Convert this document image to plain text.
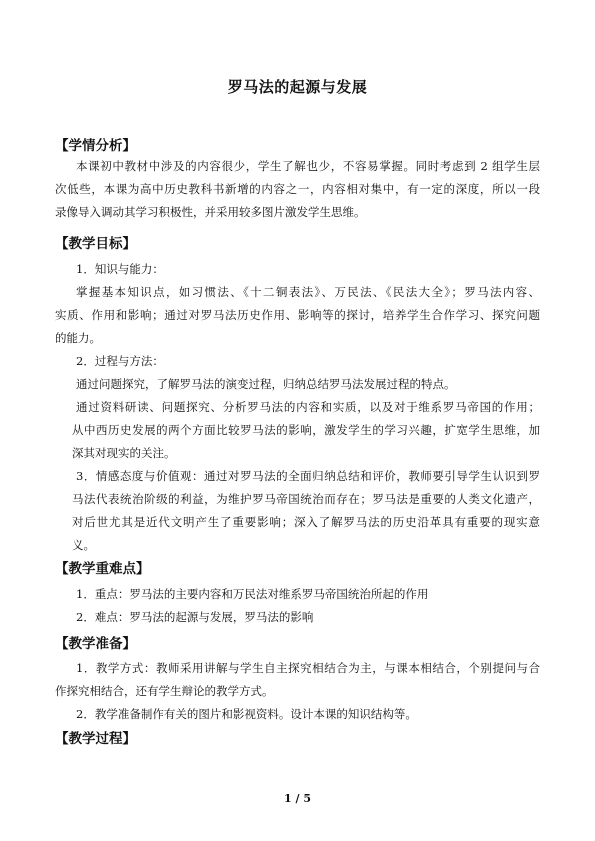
罗马法的起源与发展
【学情分析】
本课初中教材中涉及的内容很少，学生了解也少，不容易掌握。同时考虑到 2 组学生层
次低些，本课为高中历史教科书新增的内容之一，内容相对集中，有一定的深度，所以一段
录像导入调动其学习积极性，并采用较多图片激发学生思维。
【教学目标】
1．知识与能力：
掌握基本知识点，如习惯法、《十二铜表法》、万民法、《民法大全》；罗马法内容、
实质、作用和影响；通过对罗马法历史作用、影响等的探讨，培养学生合作学习、探究问题
的能力。
2．过程与方法：
通过问题探究，了解罗马法的演变过程，归纳总结罗马法发展过程的特点。
通过资料研读、问题探究、分析罗马法的内容和实质，以及对于维系罗马帝国的作用；
从中西历史发展的两个方面比较罗马法的影响，激发学生的学习兴趣，扩宽学生思维，加
深其对现实的关注。
3．情感态度与价值观：通过对罗马法的全面归纳总结和评价，教师要引导学生认识到罗
马法代表统治阶级的利益，为维护罗马帝国统治而存在；罗马法是重要的人类文化遗产，
对后世尤其是近代文明产生了重要影响；深入了解罗马法的历史沿革具有重要的现实意
义。
【教学重难点】
1．重点：罗马法的主要内容和万民法对维系罗马帝国统治所起的作用
2．难点：罗马法的起源与发展，罗马法的影响
【教学准备】
1．教学方式：教师采用讲解与学生自主探究相结合为主，与课本相结合，个别提问与合
作探究相结合，还有学生辩论的教学方式。
2．教学准备制作有关的图片和影视资料。设计本课的知识结构等。
【教学过程】
1 / 5
